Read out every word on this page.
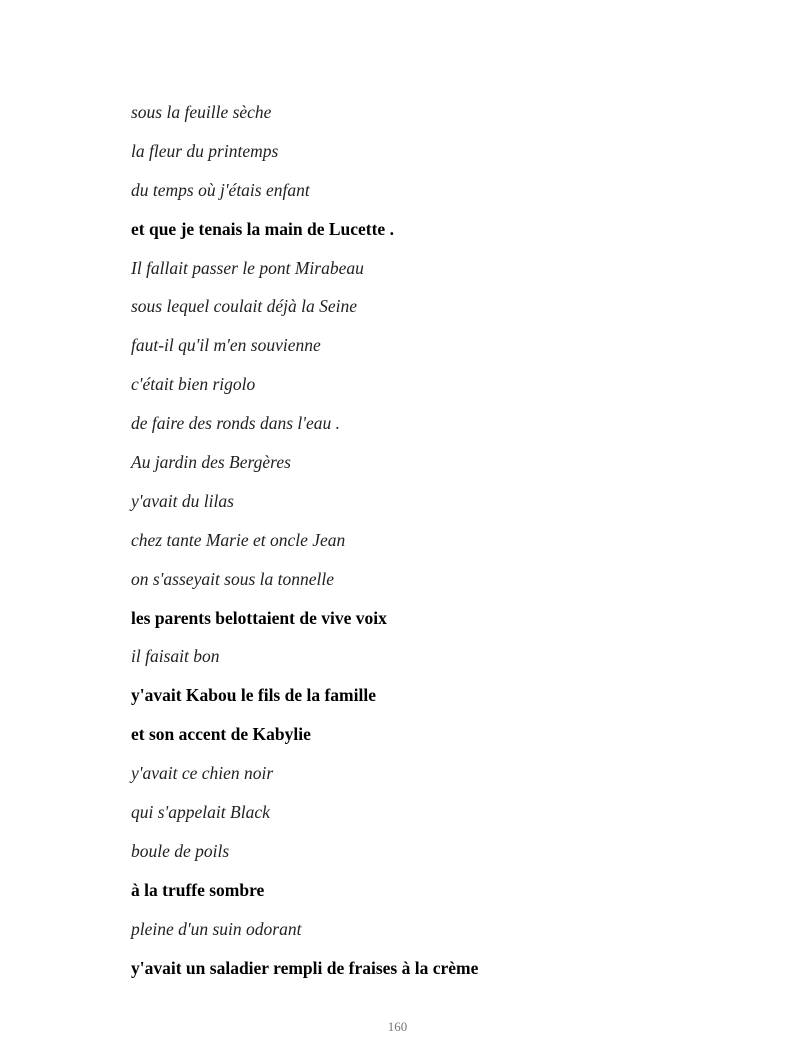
sous la feuille sèche
la fleur du printemps
du temps où j'étais enfant
et que je tenais la main de Lucette .
Il fallait passer le pont Mirabeau
sous lequel coulait déjà la Seine
faut-il qu'il m'en souvienne
c'était bien rigolo
de faire des ronds dans l'eau .
Au jardin des Bergères
y'avait du lilas
chez tante Marie et oncle Jean
on s'asseyait sous la tonnelle
les parents belottaient de vive voix
il faisait bon
y'avait Kabou le fils de la famille
et son accent de Kabylie
y'avait ce chien noir
qui s'appelait Black
boule de poils
à la truffe sombre
pleine d'un suin odorant
y'avait un saladier rempli de fraises à la crème
160
